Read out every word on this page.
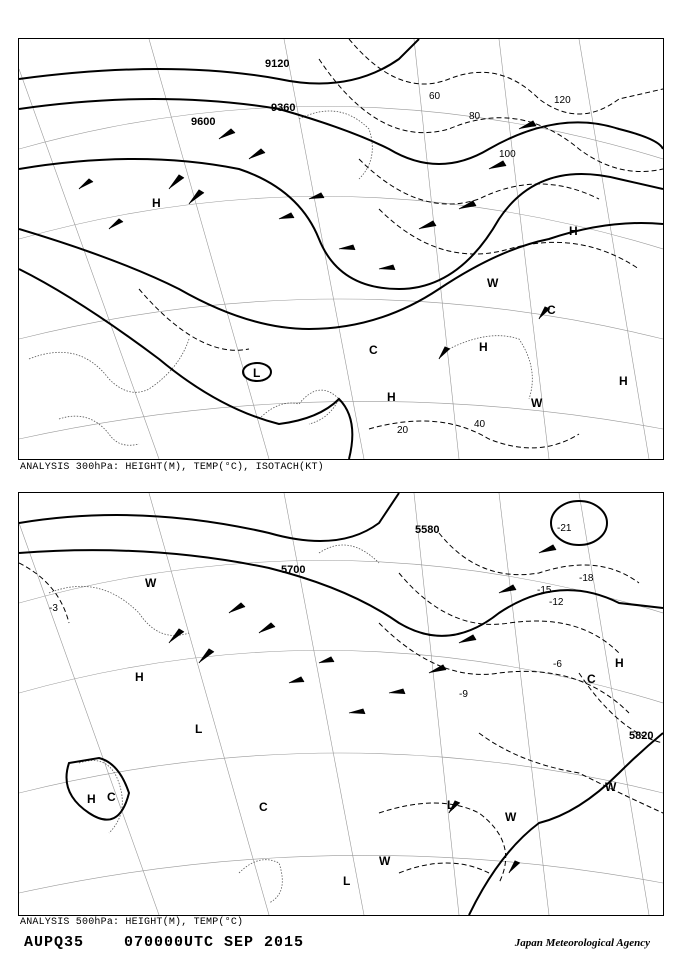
9120
9360
9600
120
100
80
60
40
20
H
H
H
H
H
L
C
C
W
W
ANALYSIS 300hPa: HEIGHT(M), TEMP(°C), ISOTACH(KT)
5580
5700
5820
-21
-18
-15
-12
-9
-6
-3
H
H
H
L
L
L
C
C
C
W
W
W
W
ANALYSIS 500hPa: HEIGHT(M), TEMP(°C)
AUPQ35	070000UTC SEP 2015	Japan Meteorological Agency
